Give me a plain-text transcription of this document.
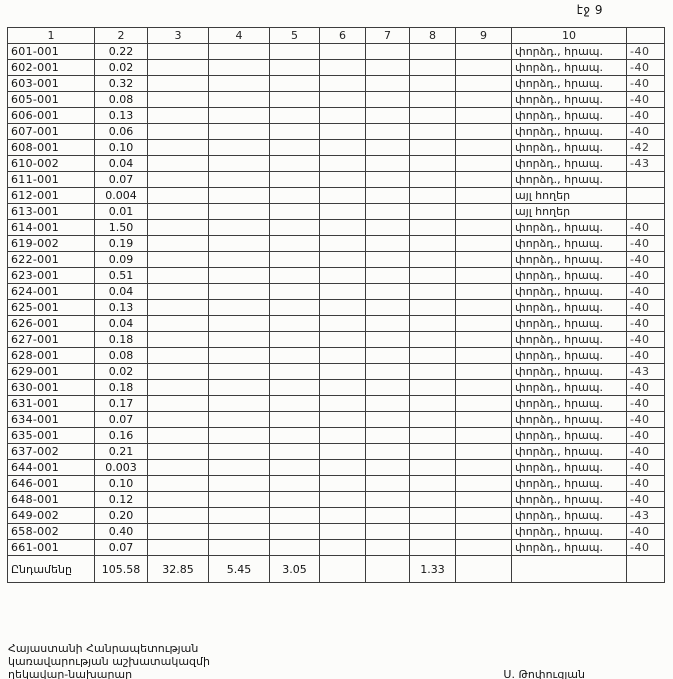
էջ 9
1	2	3	4	5	6	7	8	9	10	
601-001	0.22								փորձդ., հրապ.	-40
602-001	0.02								փորձդ., հրապ.	-40
603-001	0.32								փորձդ., հրապ.	-40
605-001	0.08								փորձդ., հրապ.	-40
606-001	0.13								փորձդ., հրապ.	-40
607-001	0.06								փորձդ., հրապ.	-40
608-001	0.10								փորձդ., հրապ.	-42
610-002	0.04								փորձդ., հրապ.	-43
611-001	0.07								փորձդ., հրապ.	
612-001	0.004								այլ հողեր	
613-001	0.01								այլ հողեր	
614-001	1.50								փորձդ., հրապ.	-40
619-002	0.19								փորձդ., հրապ.	-40
622-001	0.09								փորձդ., հրապ.	-40
623-001	0.51								փորձդ., հրապ.	-40
624-001	0.04								փորձդ., հրապ.	-40
625-001	0.13								փորձդ., հրապ.	-40
626-001	0.04								փորձդ., հրապ.	-40
627-001	0.18								փորձդ., հրապ.	-40
628-001	0.08								փորձդ., հրապ.	-40
629-001	0.02								փորձդ., հրապ.	-43
630-001	0.18								փորձդ., հրապ.	-40
631-001	0.17								փորձդ., հրապ.	-40
634-001	0.07								փորձդ., հրապ.	-40
635-001	0.16								փորձդ., հրապ.	-40
637-002	0.21								փորձդ., հրապ.	-40
644-001	0.003								փորձդ., հրապ.	-40
646-001	0.10								փորձդ., հրապ.	-40
648-001	0.12								փորձդ., հրապ.	-40
649-002	0.20								փորձդ., հրապ.	-43
658-002	0.40								փորձդ., հրապ.	-40
661-001	0.07								փորձդ., հրապ.	-40
Ընդամենը	105.58	32.85	5.45	3.05			1.33			
Հայաստանի Հանրապետության
կառավարության աշխատակազմի
ղեկավար-նախարար	Ս. Թոփուզյան
